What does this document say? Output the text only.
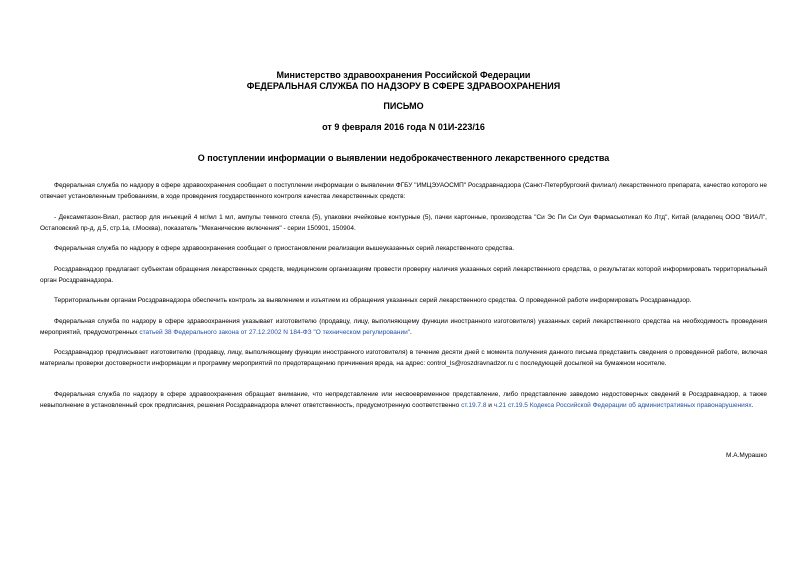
Министерство здравоохранения Российской Федерации
ФЕДЕРАЛЬНАЯ СЛУЖБА ПО НАДЗОРУ В СФЕРЕ ЗДРАВООХРАНЕНИЯ
ПИСЬМО
от 9 февраля 2016 года N 01И-223/16
О поступлении информации о выявлении недоброкачественного лекарственного средства
Федеральная служба по надзору в сфере здравоохранения сообщает о поступлении информации о выявлении ФГБУ "ИМЦЭУАОСМП" Росздравнадзора (Санкт-Петербургский филиал) лекарственного препарата, качество которого не отвечает установленным требованиям, в ходе проведения государственного контроля качества лекарственных средств:
- Дексаметазон-Виал, раствор для инъекций 4 мг/мл 1 мл, ампулы темного стекла (5), упаковки ячейковые контурные (5), пачки картонные, производства "Си Эс Пи Си Оуи Фармасьютикал Ко Лтд", Китай (владелец ООО "ВИАЛ", Остаповский пр-д, д.5, стр.1а, г.Москва), показатель "Механические включения" - серии 150901, 150904.
Федеральная служба по надзору в сфере здравоохранения сообщает о приостановлении реализации вышеуказанных серий лекарственного средства.
Росздравнадзор предлагает субъектам обращения лекарственных средств, медицинским организациям провести проверку наличия указанных серий лекарственного средства, о результатах которой информировать территориальный орган Росздравнадзора.
Территориальным органам Росздравнадзора обеспечить контроль за выявлением и изъятием из обращения указанных серий лекарственного средства. О проведенной работе информировать Росздравнадзор.
Федеральная служба по надзору в сфере здравоохранения указывает изготовителю (продавцу, лицу, выполняющему функции иностранного изготовителя) указанных серий лекарственного средства на необходимость проведения мероприятий, предусмотренных статьей 38 Федерального закона от 27.12.2002 N 184-ФЗ "О техническом регулировании".
Росздравнадзор предписывает изготовителю (продавцу, лицу, выполняющему функции иностранного изготовителя) в течение десяти дней с момента получения данного письма представить сведения о проведенной работе, включая материалы проверки достоверности информации и программу мероприятий по предотвращению причинения вреда, на адрес: control_ls@roszdravnadzor.ru с последующей досылкой на бумажном носителе.
Федеральная служба по надзору в сфере здравоохранения обращает внимание, что непредставление или несвоевременное представление, либо представление заведомо недостоверных сведений в Росздравнадзор, а также невыполнение в установленный срок предписания, решения Росздравнадзора влечет ответственность, предусмотренную соответственно ст.19.7.8 и ч.21 ст.19.5 Кодекса Российской Федерации об административных правонарушениях.
М.А.Мурашко
